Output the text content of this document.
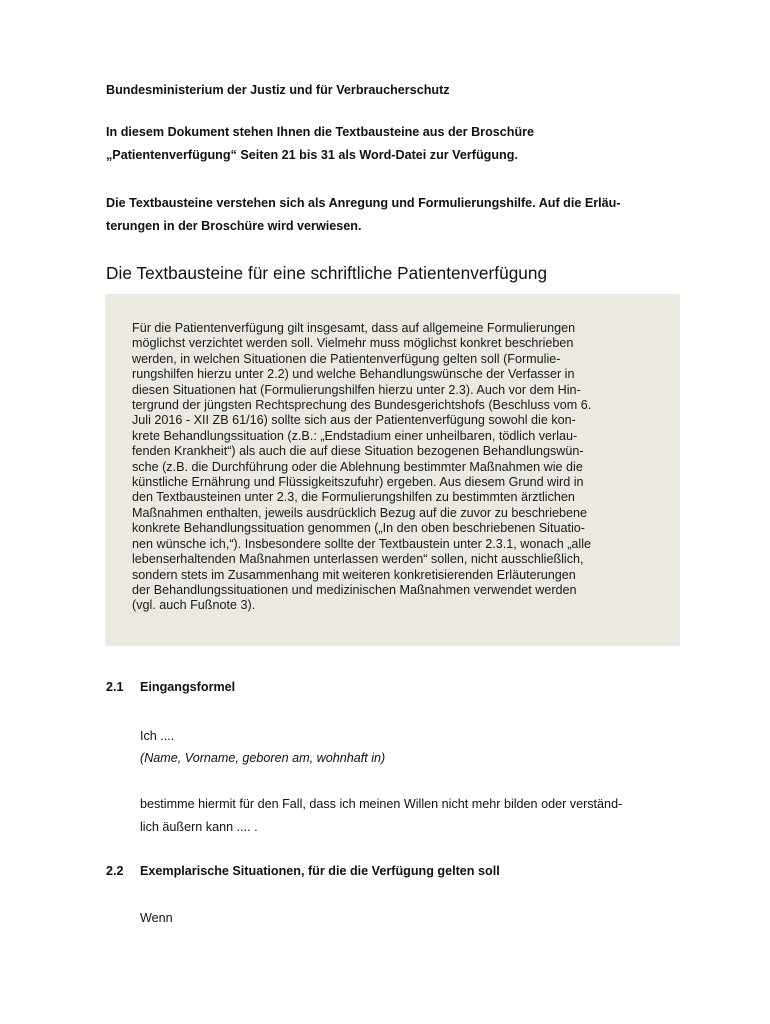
Bundesministerium der Justiz und für Verbraucherschutz

In diesem Dokument stehen Ihnen die Textbausteine aus der Broschüre
„Patientenverfügung“ Seiten 21 bis 31 als Word-Datei zur Verfügung.

Die Textbausteine verstehen sich als Anregung und Formulierungshilfe. Auf die Erläu-
terungen in der Broschüre wird verwiesen.

Die Textbausteine für eine schriftliche Patientenverfügung

Für die Patientenverfügung gilt insgesamt, dass auf allgemeine Formulierungen
möglichst verzichtet werden soll. Vielmehr muss möglichst konkret beschrieben
werden, in welchen Situationen die Patientenverfügung gelten soll (Formulie-
rungshilfen hierzu unter 2.2) und welche Behandlungswünsche der Verfasser in
diesen Situationen hat (Formulierungshilfen hierzu unter 2.3). Auch vor dem Hin-
tergrund der jüngsten Rechtsprechung des Bundesgerichtshofs (Beschluss vom 6.
Juli 2016 - XII ZB 61/16) sollte sich aus der Patientenverfügung sowohl die kon-
krete Behandlungssituation (z.B.: „Endstadium einer unheilbaren, tödlich verlau-
fenden Krankheit“) als auch die auf diese Situation bezogenen Behandlungswün-
sche (z.B. die Durchführung oder die Ablehnung bestimmter Maßnahmen wie die
künstliche Ernährung und Flüssigkeitszufuhr) ergeben. Aus diesem Grund wird in
den Textbausteinen unter 2.3, die Formulierungshilfen zu bestimmten ärztlichen
Maßnahmen enthalten, jeweils ausdrücklich Bezug auf die zuvor zu beschriebene
konkrete Behandlungssituation genommen („In den oben beschriebenen Situatio-
nen wünsche ich,“). Insbesondere sollte der Textbaustein unter 2.3.1, wonach „alle
lebenserhaltenden Maßnahmen unterlassen werden“ sollen, nicht ausschließlich,
sondern stets im Zusammenhang mit weiteren konkretisierenden Erläuterungen
der Behandlungssituationen und medizinischen Maßnahmen verwendet werden
(vgl. auch Fußnote 3).

2.1 Eingangsformel

Ich ....

(Name, Vorname, geboren am, wohnhaft in)

bestimme hiermit für den Fall, dass ich meinen Willen nicht mehr bilden oder verständ-
lich äußern kann .... .

2.2 Exemplarische Situationen, für die die Verfügung gelten soll

Wenn
